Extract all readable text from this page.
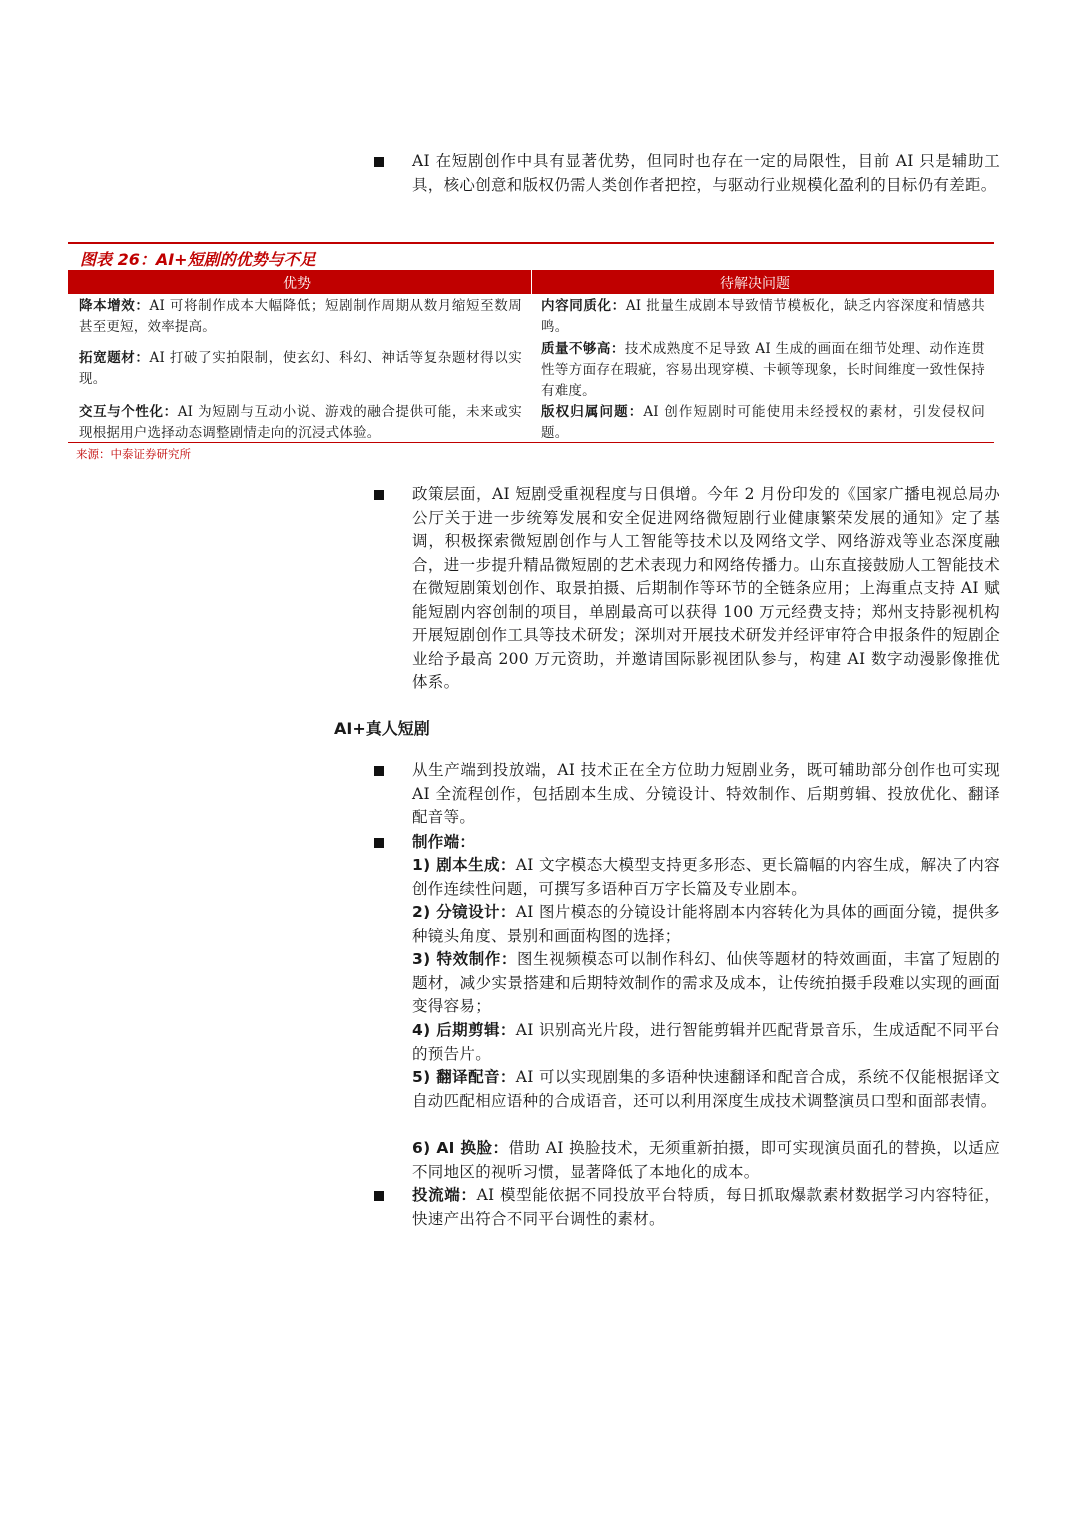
AI 在短剧创作中具有显著优势，但同时也存在一定的局限性，目前 AI 只是辅助工具，核心创意和版权仍需人类创作者把控，与驱动行业规模化盈利的目标仍有差距。
图表 26：AI+短剧的优势与不足
优势	待解决问题
降本增效：AI 可将制作成本大幅降低；短剧制作周期从数月缩短至数周甚至更短，效率提高。
拓宽题材：AI 打破了实拍限制，使玄幻、科幻、神话等复杂题材得以实现。
交互与个性化：AI 为短剧与互动小说、游戏的融合提供可能，未来或实现根据用户选择动态调整剧情走向的沉浸式体验。
内容同质化：AI 批量生成剧本导致情节模板化，缺乏内容深度和情感共鸣。
质量不够高：技术成熟度不足导致 AI 生成的画面在细节处理、动作连贯性等方面存在瑕疵，容易出现穿模、卡顿等现象，长时间维度一致性保持有难度。
版权归属问题：AI 创作短剧时可能使用未经授权的素材，引发侵权问题。
来源：中泰证券研究所
政策层面，AI 短剧受重视程度与日俱增。今年 2 月份印发的《国家广播电视总局办公厅关于进一步统筹发展和安全促进网络微短剧行业健康繁荣发展的通知》定了基调，积极探索微短剧创作与人工智能等技术以及网络文学、网络游戏等业态深度融合，进一步提升精品微短剧的艺术表现力和网络传播力。山东直接鼓励人工智能技术在微短剧策划创作、取景拍摄、后期制作等环节的全链条应用；上海重点支持 AI 赋能短剧内容创制的项目，单剧最高可以获得 100 万元经费支持；郑州支持影视机构开展短剧创作工具等技术研发；深圳对开展技术研发并经评审符合申报条件的短剧企业给予最高 200 万元资助，并邀请国际影视团队参与，构建 AI 数字动漫影像推优体系。
AI+真人短剧
从生产端到投放端，AI 技术正在全方位助力短剧业务，既可辅助部分创作也可实现 AI 全流程创作，包括剧本生成、分镜设计、特效制作、后期剪辑、投放优化、翻译配音等。
制作端：
1) 剧本生成：AI 文字模态大模型支持更多形态、更长篇幅的内容生成，解决了内容创作连续性问题，可撰写多语种百万字长篇及专业剧本。
2) 分镜设计：AI 图片模态的分镜设计能将剧本内容转化为具体的画面分镜，提供多种镜头角度、景别和画面构图的选择；
3) 特效制作：图生视频模态可以制作科幻、仙侠等题材的特效画面，丰富了短剧的题材，减少实景搭建和后期特效制作的需求及成本，让传统拍摄手段难以实现的画面变得容易；
4) 后期剪辑：AI 识别高光片段，进行智能剪辑并匹配背景音乐，生成适配不同平台的预告片。
5) 翻译配音：AI 可以实现剧集的多语种快速翻译和配音合成，系统不仅能根据译文自动匹配相应语种的合成语音，还可以利用深度生成技术调整演员口型和面部表情。
6) AI 换脸：借助 AI 换脸技术，无须重新拍摄，即可实现演员面孔的替换，以适应不同地区的视听习惯，显著降低了本地化的成本。
投流端：AI 模型能依据不同投放平台特质，每日抓取爆款素材数据学习内容特征，快速产出符合不同平台调性的素材。
